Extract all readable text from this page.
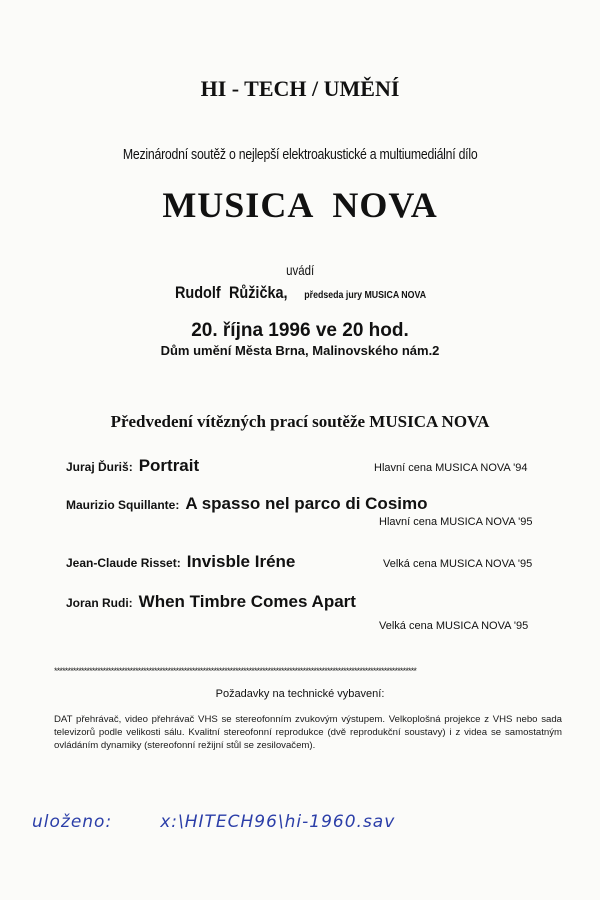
HI - TECH / UMĚNÍ
Mezinárodní soutěž o nejlepší elektroakustické a multiumediální dílo
MUSICA NOVA
uvádí
Rudolf Růžička, předseda jury MUSICA NOVA
20. října 1996 ve 20 hod.
Dům umění Města Brna, Malinovského nám.2
Předvedení vítězných prací soutěže MUSICA NOVA
Juraj Ďuriš: Portrait	Hlavní cena MUSICA NOVA '94
Maurizio Squillante: A spasso nel parco di Cosimo
Hlavní cena MUSICA NOVA '95
Jean-Claude Risset: Invisble Iréne	Velká cena MUSICA NOVA '95
Joran Rudi: When Timbre Comes Apart
Velká cena MUSICA NOVA '95
**************************************************************************************************************************************
Požadavky na technické vybavení:
DAT přehrávač, video přehrávač VHS se stereofonním zvukovým výstupem. Velkoplošná projekce z VHS nebo sada televizorů podle velikosti sálu. Kvalitní stereofonní reprodukce (dvě reprodukční soustavy) i z videa se samostatným ovládáním dynamiky (stereofonní režijní stůl se zesilovačem).
uloženo:	x:\HITECH96\hi-1960.sav
